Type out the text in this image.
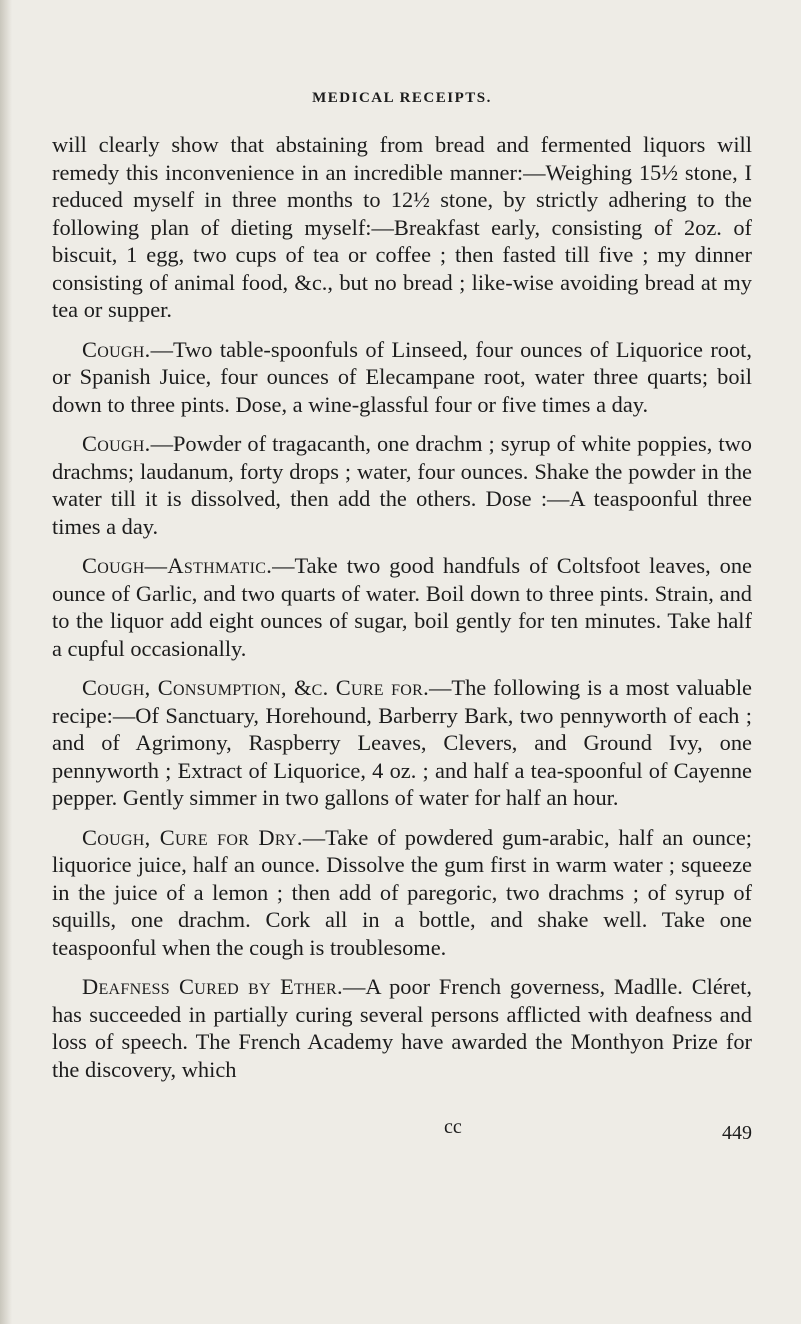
MEDICAL RECEIPTS.

will clearly show that abstaining from bread and fermented liquors will remedy this inconvenience in an incredible manner:—Weighing 15½ stone, I reduced myself in three months to 12½ stone, by strictly adhering to the following plan of dieting myself:—Breakfast early, consisting of 2oz. of biscuit, 1 egg, two cups of tea or coffee ; then fasted till five ; my dinner consisting of animal food, &c., but no bread ; like-wise avoiding bread at my tea or supper.

Cough.—Two table-spoonfuls of Linseed, four ounces of Liquorice root, or Spanish Juice, four ounces of Elecampane root, water three quarts; boil down to three pints. Dose, a wine-glassful four or five times a day.

Cough.—Powder of tragacanth, one drachm ; syrup of white poppies, two drachms; laudanum, forty drops ; water, four ounces. Shake the powder in the water till it is dissolved, then add the others. Dose :—A teaspoonful three times a day.

Cough—Asthmatic.—Take two good handfuls of Coltsfoot leaves, one ounce of Garlic, and two quarts of water. Boil down to three pints. Strain, and to the liquor add eight ounces of sugar, boil gently for ten minutes. Take half a cupful occasionally.

Cough, Consumption, &c. Cure for.—The following is a most valuable recipe:—Of Sanctuary, Horehound, Barberry Bark, two pennyworth of each ; and of Agrimony, Raspberry Leaves, Clevers, and Ground Ivy, one pennyworth ; Extract of Liquorice, 4 oz. ; and half a tea-spoonful of Cayenne pepper. Gently simmer in two gallons of water for half an hour.

Cough, Cure for Dry.—Take of powdered gum-arabic, half an ounce; liquorice juice, half an ounce. Dissolve the gum first in warm water ; squeeze in the juice of a lemon ; then add of paregoric, two drachms ; of syrup of squills, one drachm. Cork all in a bottle, and shake well. Take one teaspoonful when the cough is troublesome.

Deafness Cured by Ether.—A poor French governess, Madlle. Cléret, has succeeded in partially curing several persons afflicted with deafness and loss of speech. The French Academy have awarded the Monthyon Prize for the discovery, which

cc	449
